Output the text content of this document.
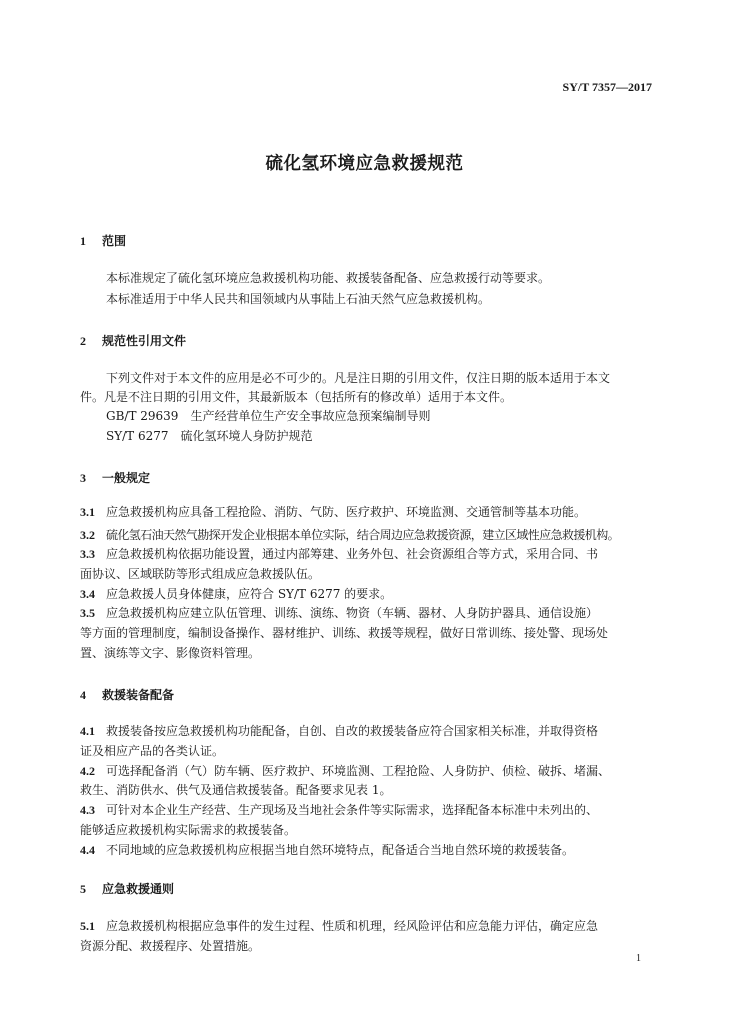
SY/T 7357—2017
硫化氢环境应急救援规范
1 范围
本标准规定了硫化氢环境应急救援机构功能、救援装备配备、应急救援行动等要求。
本标准适用于中华人民共和国领域内从事陆上石油天然气应急救援机构。
2 规范性引用文件
下列文件对于本文件的应用是必不可少的。凡是注日期的引用文件，仅注日期的版本适用于本文
件。凡是不注日期的引用文件，其最新版本（包括所有的修改单）适用于本文件。
GB/T 29639　生产经营单位生产安全事故应急预案编制导则
SY/T 6277　硫化氢环境人身防护规范
3 一般规定
3.1 应急救援机构应具备工程抢险、消防、气防、医疗救护、环境监测、交通管制等基本功能。
3.2 硫化氢石油天然气勘探开发企业根据本单位实际，结合周边应急救援资源，建立区域性应急救援机构。
3.3 应急救援机构依据功能设置，通过内部筹建、业务外包、社会资源组合等方式，采用合同、书
面协议、区域联防等形式组成应急救援队伍。
3.4 应急救援人员身体健康，应符合 SY/T 6277 的要求。
3.5 应急救援机构应建立队伍管理、训练、演练、物资（车辆、器材、人身防护器具、通信设施）
等方面的管理制度，编制设备操作、器材维护、训练、救援等规程，做好日常训练、接处警、现场处
置、演练等文字、影像资料管理。
4 救援装备配备
4.1 救援装备按应急救援机构功能配备，自创、自改的救援装备应符合国家相关标准，并取得资格
证及相应产品的各类认证。
4.2 可选择配备消（气）防车辆、医疗救护、环境监测、工程抢险、人身防护、侦检、破拆、堵漏、
救生、消防供水、供气及通信救援装备。配备要求见表 1。
4.3 可针对本企业生产经营、生产现场及当地社会条件等实际需求，选择配备本标准中未列出的、
能够适应救援机构实际需求的救援装备。
4.4 不同地域的应急救援机构应根据当地自然环境特点，配备适合当地自然环境的救援装备。
5 应急救援通则
5.1 应急救援机构根据应急事件的发生过程、性质和机理，经风险评估和应急能力评估，确定应急
资源分配、救援程序、处置措施。
1
